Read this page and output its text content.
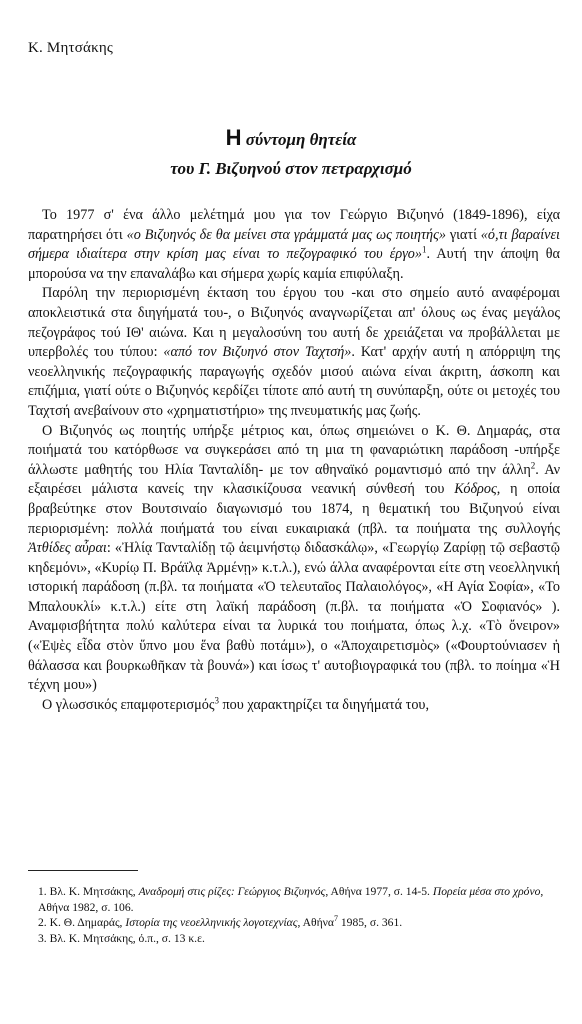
Κ. Μητσάκης
Η σύντομη θητεία
του Γ. Βιζυηνού στον πετραρχισμό

Το 1977 σ' ένα άλλο μελέτημά μου για τον Γεώργιο Βιζυηνό (1849-1896), είχα παρατηρήσει ότι «ο Βιζυηνός δε θα μείνει στα γράμματά μας ως ποιητής» γιατί «ό,τι βαραίνει σήμερα ιδιαίτερα στην κρίση μας είναι το πεζογραφικό του έργο»$^1$. Αυτή την άποψη θα μπορούσα να την επαναλάβω και σήμερα χωρίς καμία επιφύλαξη.

Παρόλη την περιορισμένη έκταση του έργου του -και στο σημείο αυτό αναφέρομαι αποκλειστικά στα διηγήματά του-, ο Βιζυηνός αναγνωρίζεται απ' όλους ως ένας μεγάλος πεζογράφος τού ΙΘ' αιώνα. Και η μεγαλοσύνη του αυτή δε χρειάζεται να προβάλλεται με υπερβολές του τύπου: «από τον Βιζυηνό στον Ταχτσή». Κατ' αρχήν αυτή η απόρριψη της νεοελληνικής πεζογραφικής παραγωγής σχεδόν μισού αιώνα είναι άκριτη, άσκοπη και επιζήμια, γιατί ούτε ο Βιζυηνός κερδίζει τίποτε από αυτή τη συνύπαρξη, ούτε οι μετοχές του Ταχτσή ανεβαίνουν στο «χρηματιστήριο» της πνευματικής μας ζωής.

Ο Βιζυηνός ως ποιητής υπήρξε μέτριος και, όπως σημειώνει ο Κ. Θ. Δημαράς, στα ποιήματά του κατόρθωσε να συγκεράσει από τη μια τη φαναριώτικη παράδοση -υπήρξε άλλωστε μαθητής του Ηλία Τανταλίδη- με τον αθηναϊκό ρομαντισμό από την άλλη$^2$. Αν εξαιρέσει μάλιστα κανείς την κλασικίζουσα νεανική σύνθεσή του Κόδρος, η οποία βραβεύτηκε στον Βουτσιναίο διαγωνισμό του 1874, η θεματική του Βιζυηνού είναι περιορισμένη: πολλά ποιήματά του είναι ευκαιριακά (πβλ. τα ποιήματα της συλλογής Ἀτθίδες αὖραι: «Ἠλίᾳ Τανταλίδῃ τῷ ἀειμνήστῳ διδασκάλῳ», «Γεωργίῳ Ζαρίφῃ τῷ σεβαστῷ κηδεμόνι», «Κυρίῳ Π. Βράϊλᾳ Ἀρμένῃ» κ.τ.λ.), ενώ άλλα αναφέρονται είτε στη νεοελληνική ιστορική παράδοση (π.βλ. τα ποιήματα «Ὁ τελευταῖος Παλαιολόγος», «Η Αγία Σοφία», «Το Μπαλουκλί» κ.τ.λ.) είτε στη λαϊκή παράδοση (π.βλ. τα ποιήματα «Ὁ Σοφιανός» ). Αναμφισβήτητα πολύ καλύτερα είναι τα λυρικά του ποιήματα, όπως λ.χ. «Τὸ ὄνειρον» («Ἐψὲς εἶδα στὸν ὕπνο μου ἕνα βαθὺ ποτάμι»), ο «Ἀποχαιρετισμὸς» («Φουρτούνιασεν ἡ θάλασσα και βουρκωθῆκαν τὰ βουνά») και ίσως τ' αυτοβιογραφικά του (πβλ. το ποίημα «Ἡ τέχνη μου»)

Ο γλωσσικός επαμφοτερισμός$^3$ που χαρακτηρίζει τα διηγήματά του,

1. Βλ. Κ. Μητσάκης, Αναδρομή στις ρίζες: Γεώργιος Βιζυηνός, Αθήνα 1977, σ. 14-5. Πορεία μέσα στο χρόνο, Αθήνα 1982, σ. 106.

2. Κ. Θ. Δημαράς, Ιστορία της νεοελληνικής λογοτεχνίας, Αθήνα$^7$ 1985, σ. 361.

3. Βλ. Κ. Μητσάκης, ό.π., σ. 13 κ.ε.
